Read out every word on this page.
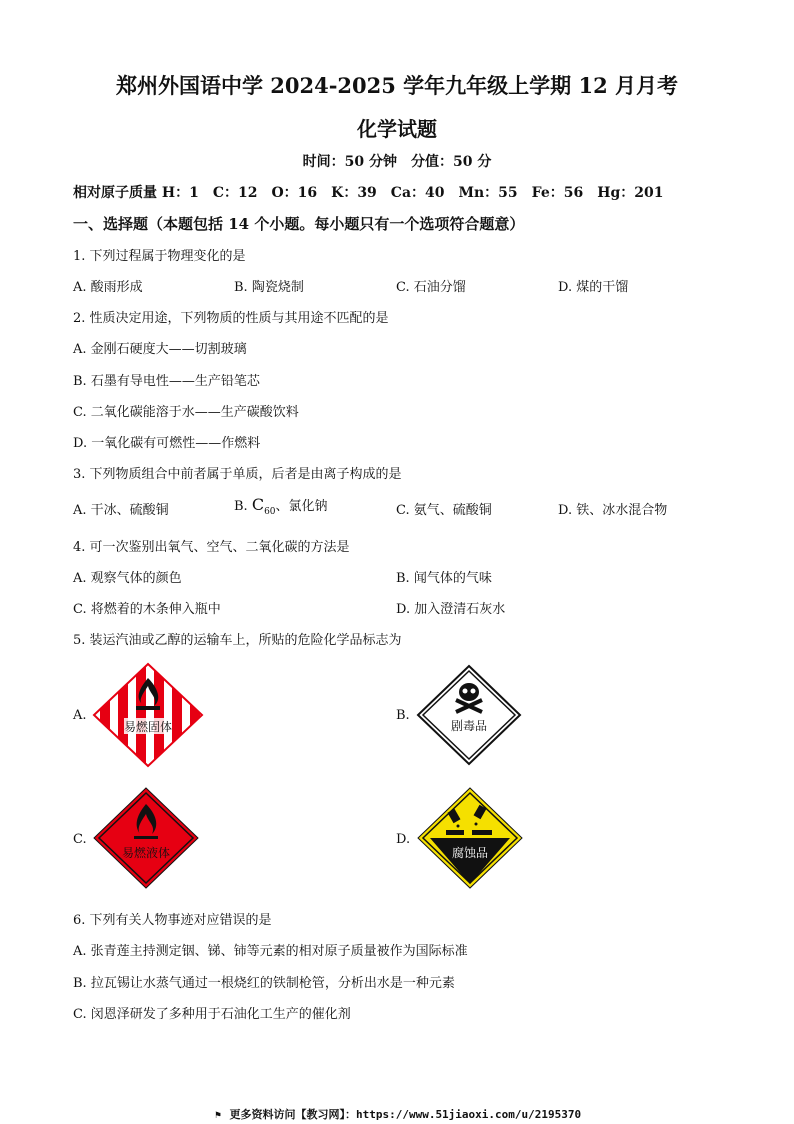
郑州外国语中学 2024-2025 学年九年级上学期 12 月月考
化学试题
时间：50 分钟　分值：50 分
相对原子质量 H：1　C：12　O：16　K：39　Ca：40　Mn：55　Fe：56　Hg：201
一、选择题（本题包括 14 个小题。每小题只有一个选项符合题意）
1. 下列过程属于物理变化的是
A. 酸雨形成	B. 陶瓷烧制	C. 石油分馏	D. 煤的干馏
2. 性质决定用途，下列物质的性质与其用途不匹配的是
A. 金刚石硬度大——切割玻璃
B. 石墨有导电性——生产铅笔芯
C. 二氧化碳能溶于水——生产碳酸饮料
D. 一氧化碳有可燃性——作燃料
3. 下列物质组合中前者属于单质，后者是由离子构成的是
A. 干冰、硫酸铜	B. $C_{60}$、氯化钠	C. 氨气、硫酸铜	D. 铁、冰水混合物
4. 可一次鉴别出氧气、空气、二氧化碳的方法是
A. 观察气体的颜色	B. 闻气体的气味
C. 将燃着的木条伸入瓶中	D. 加入澄清石灰水
5. 装运汽油或乙醇的运输车上，所贴的危险化学品标志为
A.
易燃固体
B.
剧毒品
C.
易燃液体
D.
腐蚀品
6. 下列有关人物事迹对应错误的是
A. 张青莲主持测定铟、锑、铈等元素的相对原子质量被作为国际标准
B. 拉瓦锡让水蒸气通过一根烧红的铁制枪管，分析出水是一种元素
C. 闵恩泽研发了多种用于石油化工生产的催化剂
⚑ 更多资料访问【教习网】：https://www.51jiaoxi.com/u/2195370
